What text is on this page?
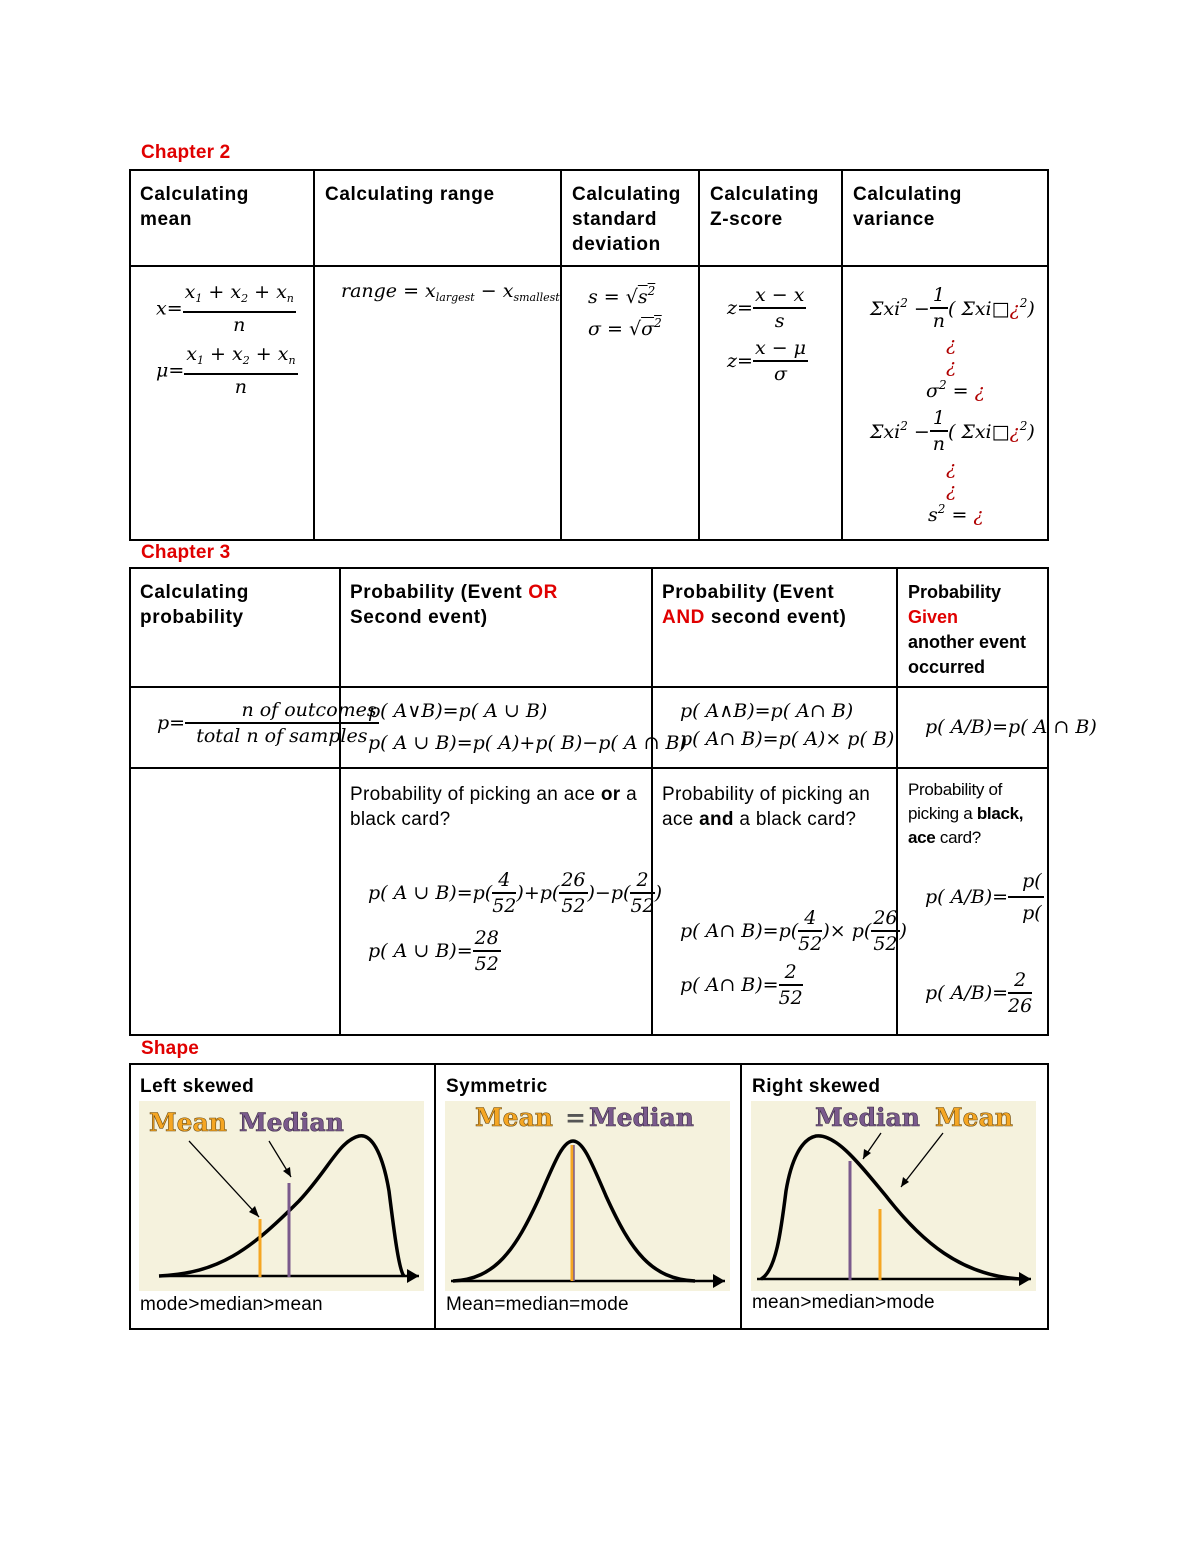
Chapter 2
Calculating mean
Calculating range	Calculating standard deviation
Calculating Z-score
Calculating variance
$x= \frac{x_1 + x_2 + x_n}{n}$
$\mu= \frac{x_1 + x_2 + x_n}{n}$
range = $x_{largest} - x_{smallest}$ $s = √s^2$
$\sigma = √\sigma^2$
$z= \frac{x - x}{s}$
$z= \frac{x - \mu}{\sigma}$
$\Sigma xi^2 - \frac{1}{n}$ ( Σxi□¿$^2$)
¿
¿
$\sigma^2$ = ¿
$\Sigma xi^2 - \frac{1}{n}$ ( Σxi□¿$^2$)
¿
¿
$s^2$ = ¿
Chapter 3
Calculating probability
Probability (Event OR
Second event)
Probability (Event
AND second event)
Probability
Given
another event occurred
$p= \frac{\text{n of outcomes}}{\text{total n of samples}}$
p( A∨B)=p( A ∪ B)
p( A ∪ B)=p( A)+p( B)−p( A ∩ B)
p( A∧B)=p( A∩ B)
p( A∩ B)=p( A)× p( B)
p( A/B)=p( A ∩ B)
Probability of picking an ace or a black card?
Probability of picking an ace and a black card?
Probability of picking a black, ace card?
p( A ∪ $B)=p( \frac{4}{52} )+p( \frac{26}{52} )-p( \frac{2}{52}$ )
p( A ∪ $B)= \frac{28}{52}$	p( A∩ $B)=p( \frac{4}{52}$ )× $p( \frac{26}{52}$ )
p( A∩ $B)= \frac{2}{52}$
p( $A/B)= \frac{p(}{p(}$
p( $A/B)= \frac{2}{26}$
Shape
Left skewed
Mean Median
mode>median>mean
Symmetric
Mean = Median
Mean=median=mode
Right skewed
Median Mean
mean>median>mode
